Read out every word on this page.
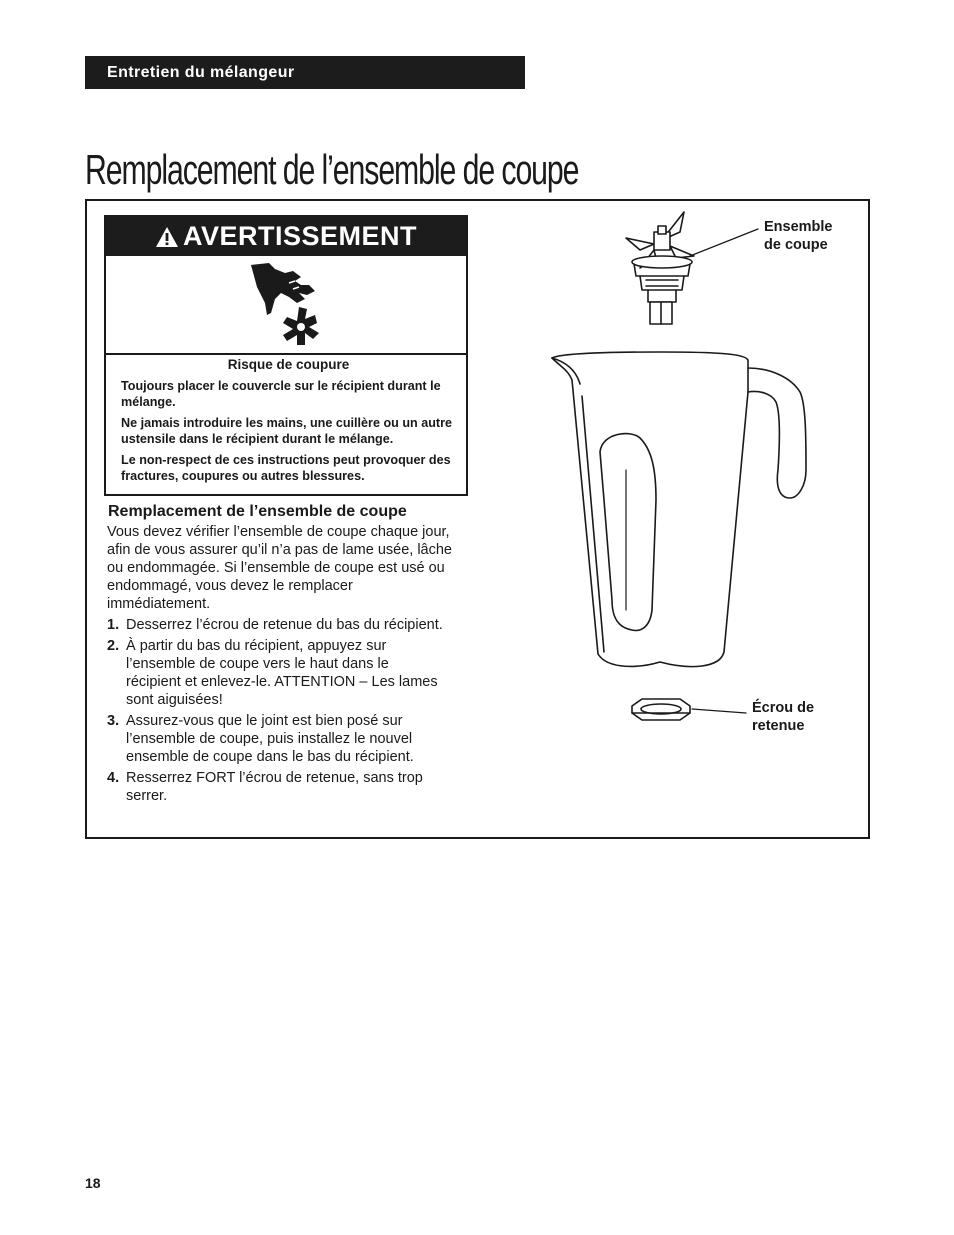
Entretien du mélangeur
Remplacement de l’ensemble de coupe
AVERTISSEMENT
Risque de coupure

Toujours placer le couvercle sur le récipient durant le mélange.

Ne jamais introduire les mains, une cuillère ou un autre ustensile dans le récipient durant le mélange.

Le non-respect de ces instructions peut provoquer des fractures, coupures ou autres blessures.

Remplacement de l’ensemble de coupe

Vous devez vérifier l’ensemble de coupe chaque jour, afin de vous assurer qu’il n’a pas de lame usée, lâche ou endommagée. Si l’ensemble de coupe est usé ou endommagé, vous devez le remplacer immédiatement.

1. Desserrez l’écrou de retenue du bas du récipient.
2. À partir du bas du récipient, appuyez sur l’ensemble de coupe vers le haut dans le récipient et enlevez-le. ATTENTION – Les lames sont aiguisées!
3. Assurez-vous que le joint est bien posé sur l’ensemble de coupe, puis installez le nouvel ensemble de coupe dans le bas du récipient.
4. Resserrez FORT l’écrou de retenue, sans trop serrer.
Ensemble
de coupe
Écrou de
retenue
18
